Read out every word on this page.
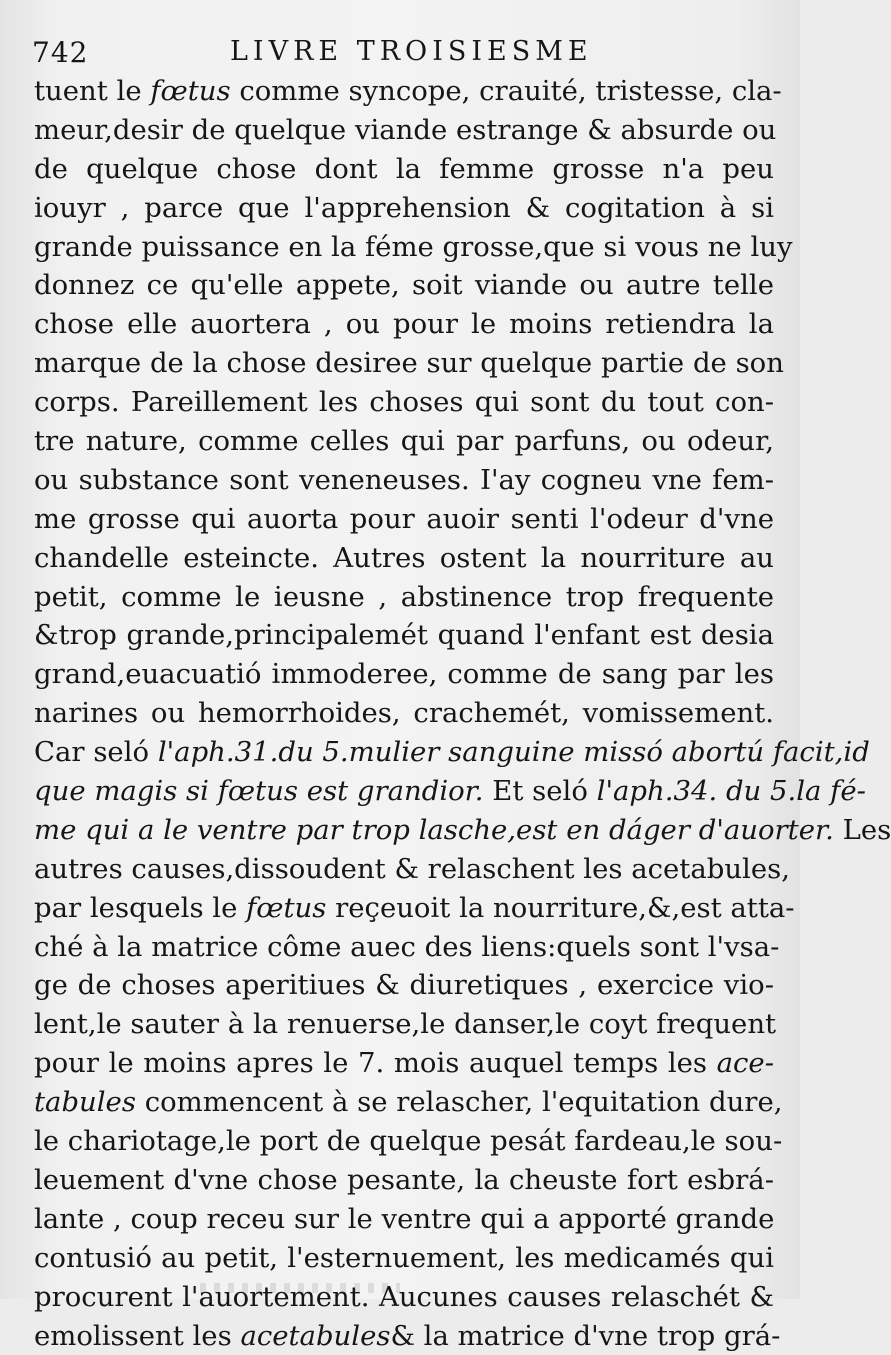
742	LIVRE TROISIESME
tuent le fœtus comme syncope, crauité, tristesse, cla-
meur,desir de quelque viande estrange & absurde ou
de quelque chose dont la femme grosse n'a peu
iouyr , parce que l'apprehension & cogitation à si
grande puissance en la féme grosse,que si vous ne luy
donnez ce qu'elle appete, soit viande ou autre telle
chose elle auortera , ou pour le moins retiendra la
marque de la chose desiree sur quelque partie de son
corps. Pareillement les choses qui sont du tout con-
tre nature, comme celles qui par parfuns, ou odeur,
ou substance sont veneneuses. I'ay cogneu vne fem-
me grosse qui auorta pour auoir senti l'odeur d'vne
chandelle esteincte. Autres ostent la nourriture au
petit, comme le ieusne , abstinence trop frequente
&trop grande,principalemét quand l'enfant est desia
grand,euacuatió immoderee, comme de sang par les
narines ou hemorrhoides, crachemét, vomissement.
Car seló l'aph.31.du 5.mulier sanguine missó abortú facit,id
que magis si fœtus est grandior. Et seló l'aph.34. du 5.la fé-
me qui a le ventre par trop lasche,est en dáger d'auorter. Les
autres causes,dissoudent & relaschent les acetabules,
par lesquels le fœtus reçeuoit la nourriture,&,est atta-
ché à la matrice côme auec des liens:quels sont l'vsa-
ge de choses aperitiues & diuretiques , exercice vio-
lent,le sauter à la renuerse,le danser,le coyt frequent
pour le moins apres le 7. mois auquel temps les ace-
tabules commencent à se relascher, l'equitation dure,
le chariotage,le port de quelque pesát fardeau,le sou-
leuement d'vne chose pesante, la cheuste fort esbrá-
lante , coup receu sur le ventre qui a apporté grande
contusió au petit, l'esternuement, les medicamés qui
procurent l'auortement. Aucunes causes relaschét &
emolissent les acetabules& la matrice d'vne trop grá-
